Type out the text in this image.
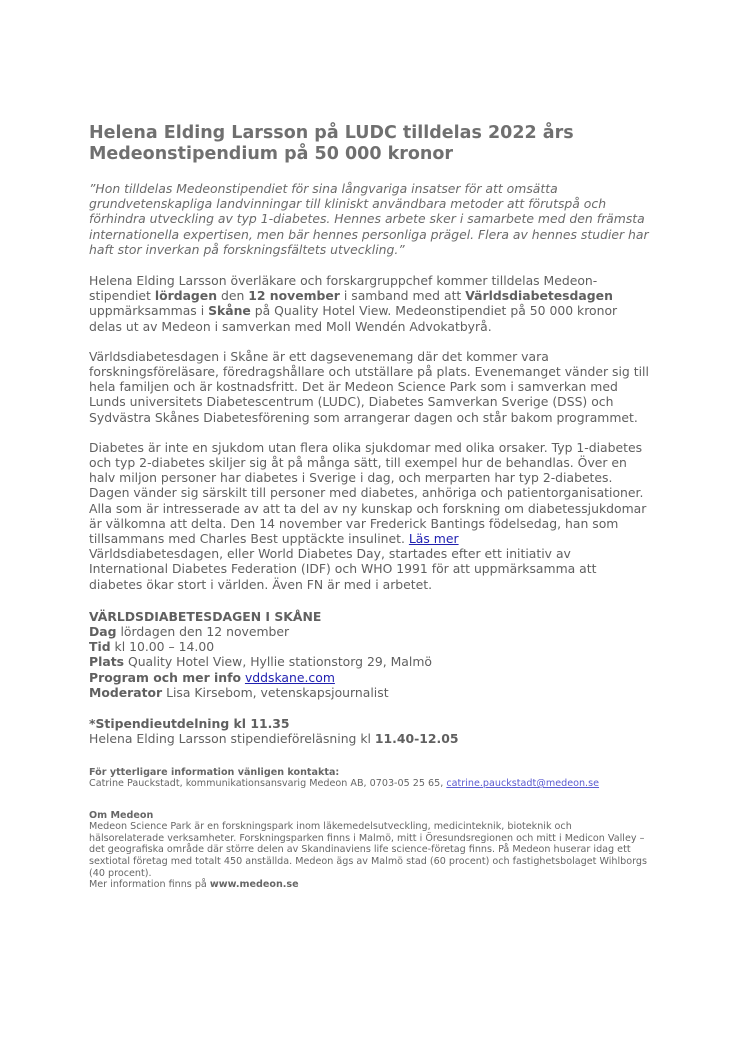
Helena Elding Larsson på LUDC tilldelas 2022 års Medeonstipendium på 50 000 kronor

”Hon tilldelas Medeonstipendiet för sina långvariga insatser för att omsätta grundvetenskapliga landvinningar till kliniskt användbara metoder att förutspå och förhindra utveckling av typ 1-diabetes. Hennes arbete sker i samarbete med den främsta internationella expertisen, men bär hennes personliga prägel. Flera av hennes studier har haft stor inverkan på forskningsfältets utveckling.”

Helena Elding Larsson överläkare och forskargruppchef kommer tilldelas Medeon-stipendiet lördagen den 12 november i samband med att Världsdiabetesdagen uppmärksammas i Skåne på Quality Hotel View. Medeonstipendiet på 50 000 kronor delas ut av Medeon i samverkan med Moll Wendén Advokatbyrå.

Världsdiabetesdagen i Skåne är ett dagsevenemang där det kommer vara forskningsföreläsare, föredragshållare och utställare på plats. Evenemanget vänder sig till hela familjen och är kostnadsfritt. Det är Medeon Science Park som i samverkan med Lunds universitets Diabetescentrum (LUDC), Diabetes Samverkan Sverige (DSS) och Sydvästra Skånes Diabetesförening som arrangerar dagen och står bakom programmet.

Diabetes är inte en sjukdom utan flera olika sjukdomar med olika orsaker. Typ 1-diabetes och typ 2-diabetes skiljer sig åt på många sätt, till exempel hur de behandlas. Över en halv miljon personer har diabetes i Sverige i dag, och merparten har typ 2-diabetes. Dagen vänder sig särskilt till personer med diabetes, anhöriga och patientorganisationer. Alla som är intresserade av att ta del av ny kunskap och forskning om diabetessjukdomar är välkomna att delta. Den 14 november var Frederick Bantings födelsedag, han som tillsammans med Charles Best upptäckte insulinet. Läs mer
Världsdiabetesdagen, eller World Diabetes Day, startades efter ett initiativ av International Diabetes Federation (IDF) och WHO 1991 för att uppmärksamma att diabetes ökar stort i världen. Även FN är med i arbetet.

VÄRLDSDIABETESDAGEN I SKÅNE
Dag lördagen den 12 november
Tid kl 10.00 – 14.00
Plats Quality Hotel View, Hyllie stationstorg 29, Malmö
Program och mer info vddskane.com
Moderator Lisa Kirsebom, vetenskapsjournalist
*Stipendieutdelning kl 11.35
Helena Elding Larsson stipendieföreläsning kl 11.40-12.05
För ytterligare information vänligen kontakta:
Catrine Pauckstadt, kommunikationsansvarig Medeon AB, 0703-05 25 65, catrine.pauckstadt@medeon.se
Om Medeon
Medeon Science Park är en forskningspark inom läkemedelsutveckling, medicinteknik, bioteknik och hälsorelaterade verksamheter. Forskningsparken finns i Malmö, mitt i Öresundsregionen och mitt i Medicon Valley – det geografiska område där större delen av Skandinaviens life science-företag finns. På Medeon huserar idag ett sextiotal företag med totalt 450 anställda. Medeon ägs av Malmö stad (60 procent) och fastighetsbolaget Wihlborgs (40 procent).
Mer information finns på www.medeon.se
